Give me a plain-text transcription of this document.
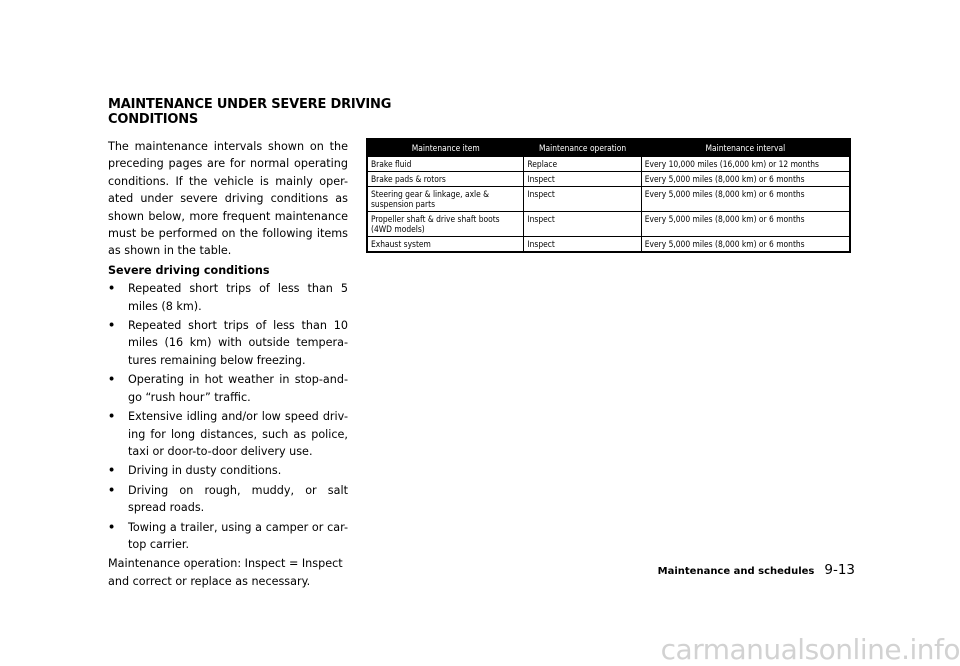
MAINTENANCE UNDER SEVERE DRIVING
CONDITIONS

The maintenance intervals shown on the preceding pages are for normal operating conditions. If the vehicle is mainly oper-ated under severe driving conditions as shown below, more frequent maintenance must be performed on the following items as shown in the table.

Severe driving conditions

• Repeated short trips of less than 5 miles (8 km).
• Repeated short trips of less than 10 miles (16 km) with outside tempera-tures remaining below freezing.
• Operating in hot weather in stop-and-go “rush hour” traffic.
• Extensive idling and/or low speed driv-ing for long distances, such as police, taxi or door-to-door delivery use.
• Driving in dusty conditions.
• Driving on rough, muddy, or salt spread roads.
• Towing a trailer, using a camper or car-top carrier.

Maintenance operation: Inspect = Inspect and correct or replace as necessary.

Maintenance item	Maintenance operation	Maintenance interval
Brake fluid	Replace	Every 10,000 miles (16,000 km) or 12 months
Brake pads & rotors	Inspect	Every 5,000 miles (8,000 km) or 6 months
Steering gear & linkage, axle & suspension parts	Inspect	Every 5,000 miles (8,000 km) or 6 months
Propeller shaft & drive shaft boots (4WD models)	Inspect	Every 5,000 miles (8,000 km) or 6 months
Exhaust system	Inspect	Every 5,000 miles (8,000 km) or 6 months
Maintenance and schedules 9-13
carmanualsonline.info
